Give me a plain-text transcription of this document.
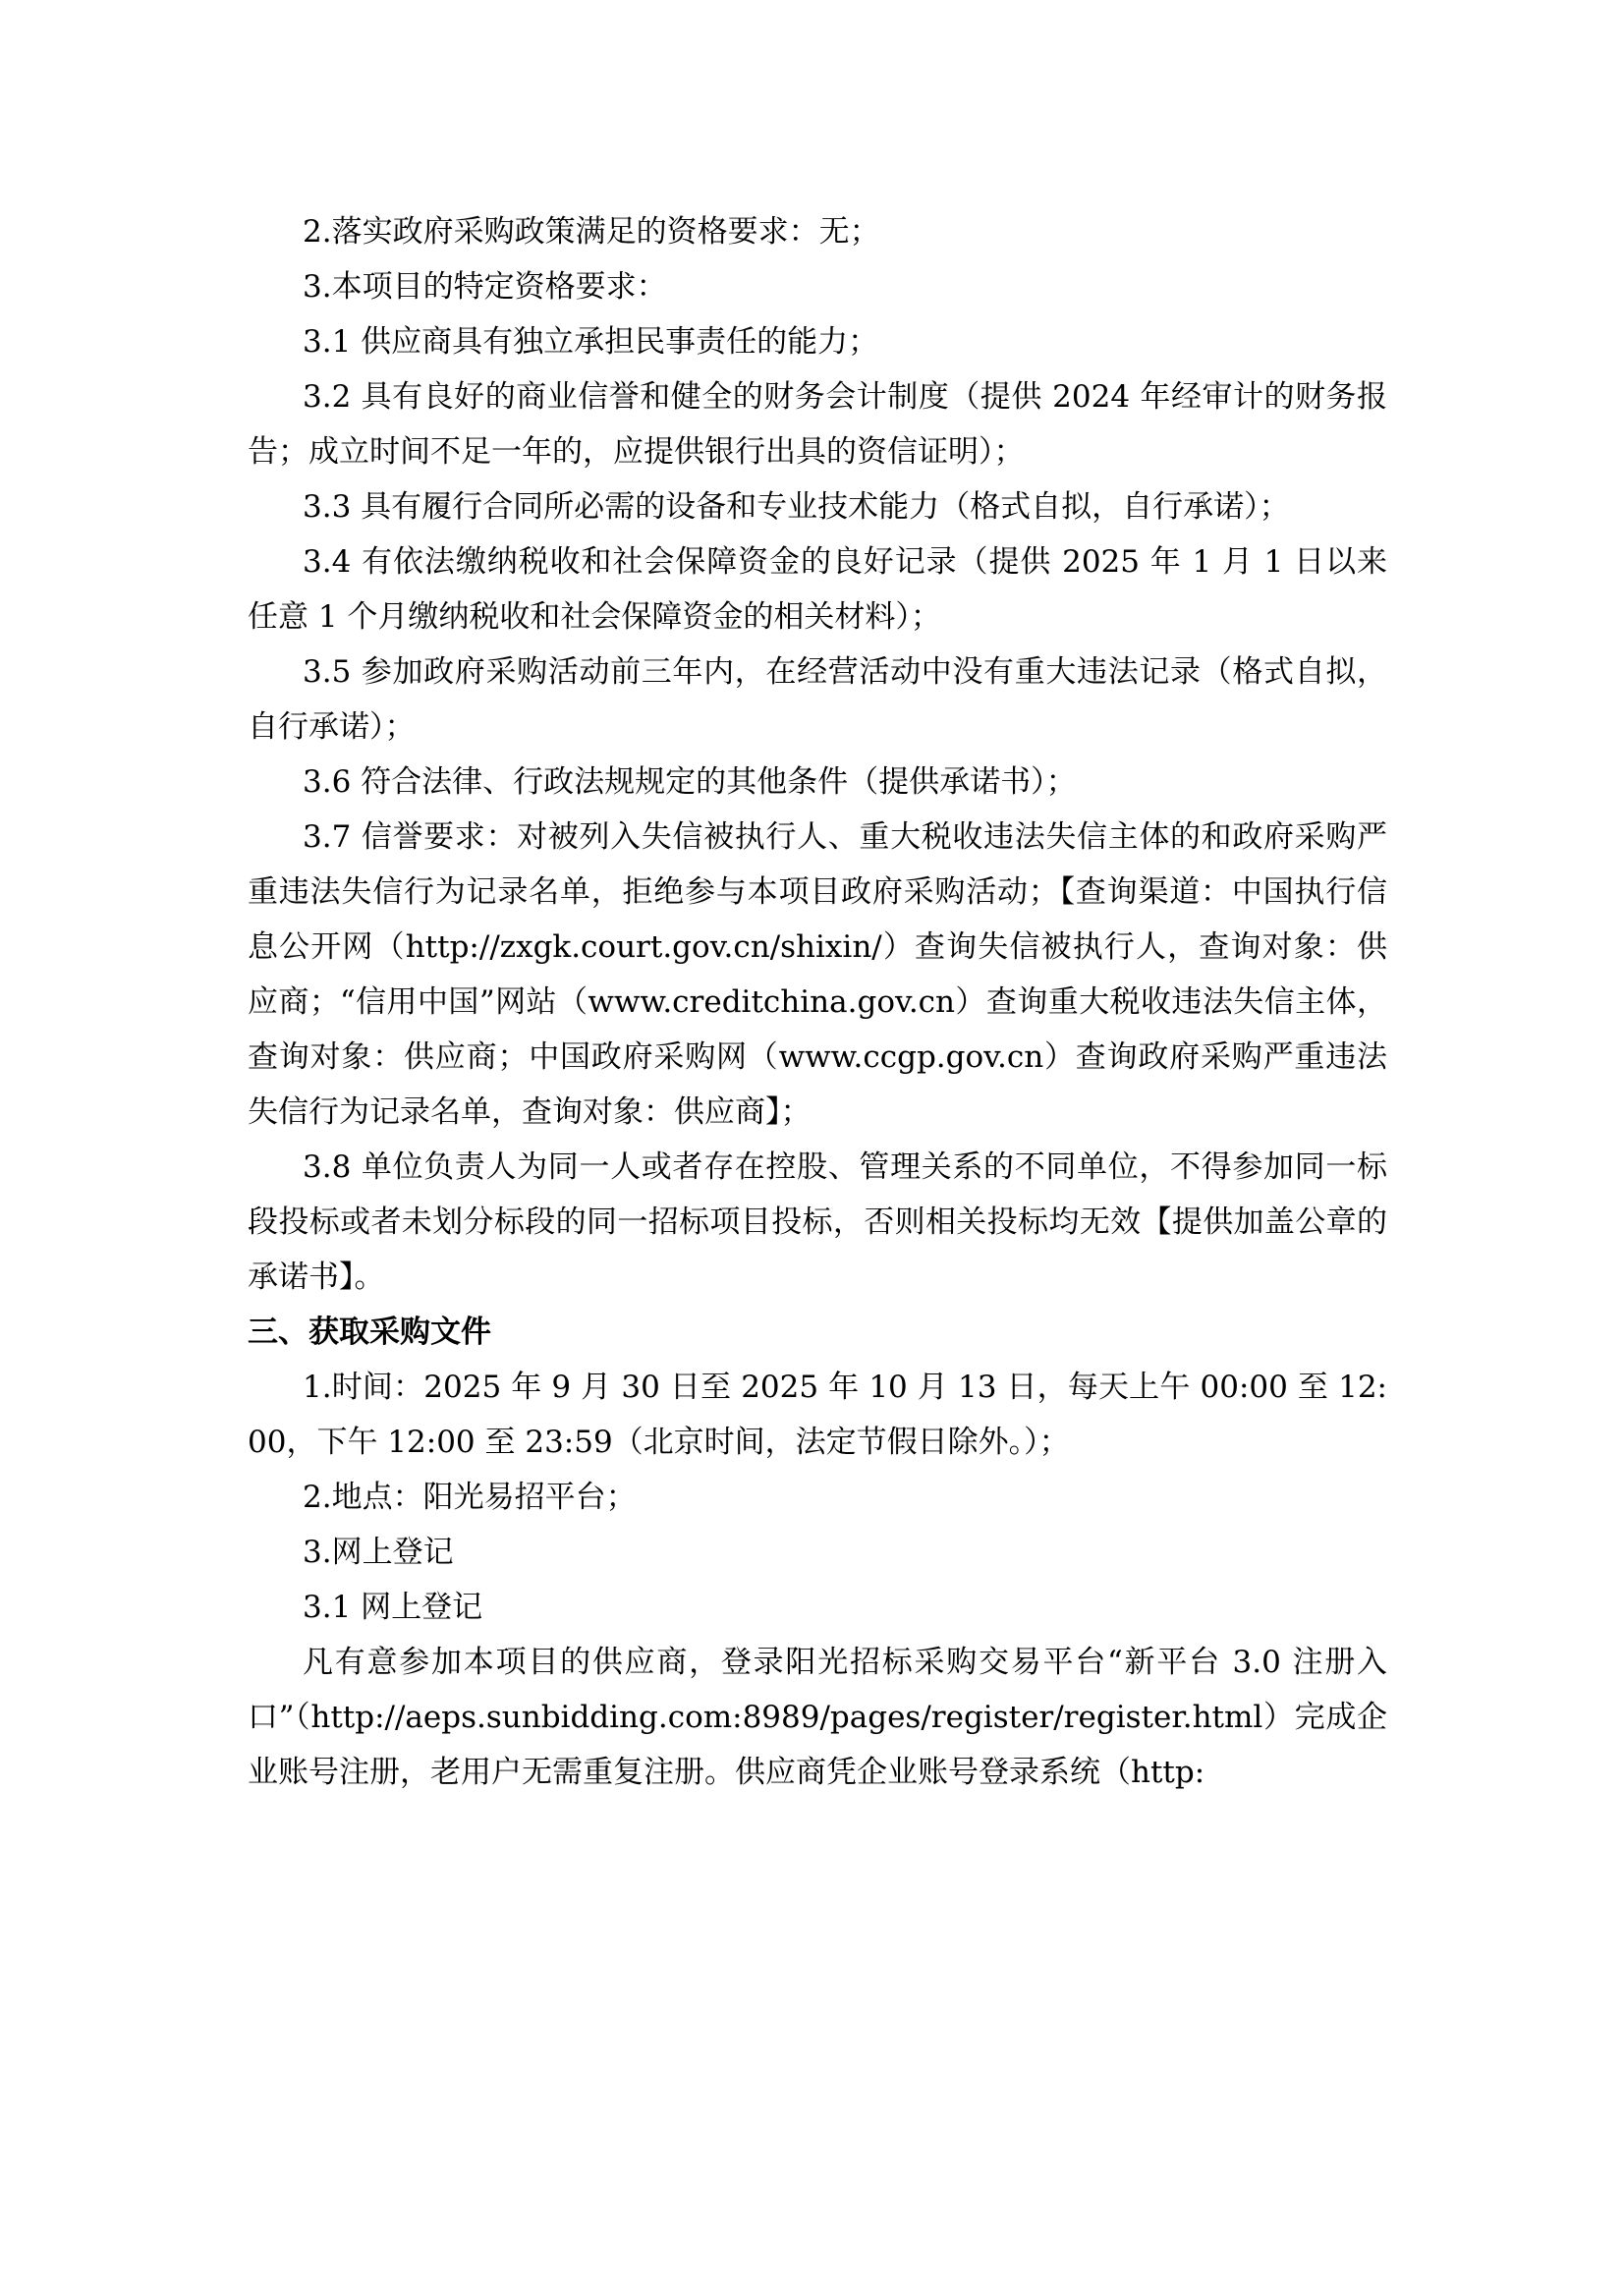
2.落实政府采购政策满足的资格要求：无；

3.本项目的特定资格要求：

3.1 供应商具有独立承担民事责任的能力；

3.2 具有良好的商业信誉和健全的财务会计制度（提供 2024 年经审计的财务报告；成立时间不足一年的，应提供银行出具的资信证明）；

3.3 具有履行合同所必需的设备和专业技术能力（格式自拟，自行承诺）；

3.4 有依法缴纳税收和社会保障资金的良好记录（提供 2025 年 1 月 1 日以来任意 1 个月缴纳税收和社会保障资金的相关材料）；

3.5 参加政府采购活动前三年内，在经营活动中没有重大违法记录（格式自拟，自行承诺）；

3.6 符合法律、行政法规规定的其他条件（提供承诺书）；

3.7 信誉要求：对被列入失信被执行人、重大税收违法失信主体的和政府采购严重违法失信行为记录名单，拒绝参与本项目政府采购活动；【查询渠道：中国执行信息公开网（http://zxgk.court.gov.cn/shixin/）查询失信被执行人，查询对象：供应商；“信用中国”网站（www.creditchina.gov.cn）查询重大税收违法失信主体，查询对象：供应商；中国政府采购网（www.ccgp.gov.cn）查询政府采购严重违法失信行为记录名单，查询对象：供应商】；

3.8 单位负责人为同一人或者存在控股、管理关系的不同单位，不得参加同一标段投标或者未划分标段的同一招标项目投标，否则相关投标均无效【提供加盖公章的承诺书】。

三、获取采购文件

1.时间：2025 年 9 月 30 日至 2025 年 10 月 13 日，每天上午 00:00 至 12:00，下午 12:00 至 23:59（北京时间，法定节假日除外。）；

2.地点：阳光易招平台；

3.网上登记

3.1 网上登记

凡有意参加本项目的供应商，登录阳光招标采购交易平台“新平台 3.0 注册入口”（http://aeps.sunbidding.com:8989/pages/register/register.html）完成企业账号注册，老用户无需重复注册。供应商凭企业账号登录系统（http:
